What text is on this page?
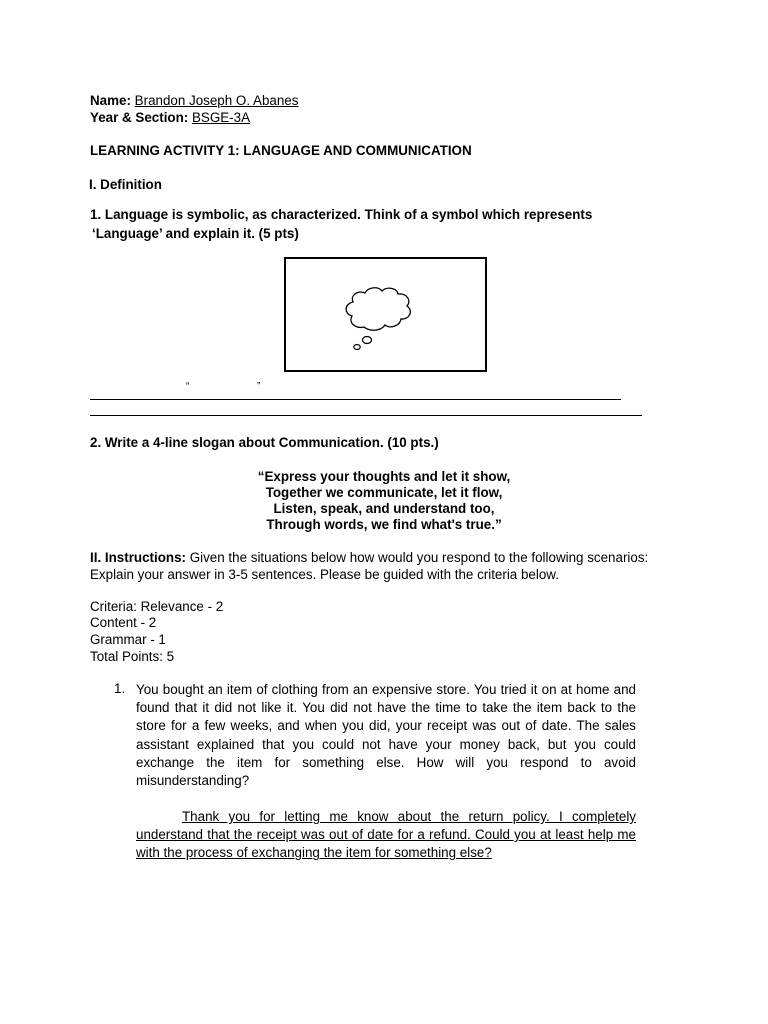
Name: Brandon Joseph O. Abanes
Year & Section: BSGE-3A
LEARNING ACTIVITY 1: LANGUAGE AND COMMUNICATION
I. Definition
1. Language is symbolic, as characterized. Think of a symbol which represents
‘Language’ and explain it. (5 pts)
“	”
2. Write a 4-line slogan about Communication. (10 pts.)
“Express your thoughts and let it show,
Together we communicate, let it flow,
Listen, speak, and understand too,
Through words, we find what's true.”
II. Instructions: Given the situations below how would you respond to the following scenarios:
Explain your answer in 3-5 sentences. Please be guided with the criteria below.
Criteria: Relevance - 2
Content - 2
Grammar - 1
Total Points: 5
1. You bought an item of clothing from an expensive store. You tried it on at home and found that it did not like it. You did not have the time to take the item back to the store for a few weeks, and when you did, your receipt was out of date. The sales assistant explained that you could not have your money back, but you could exchange the item for something else. How will you respond to avoid misunderstanding?
Thank you for letting me know about the return policy. I completely understand that the receipt was out of date for a refund. Could you at least help me with the process of exchanging the item for something else?
